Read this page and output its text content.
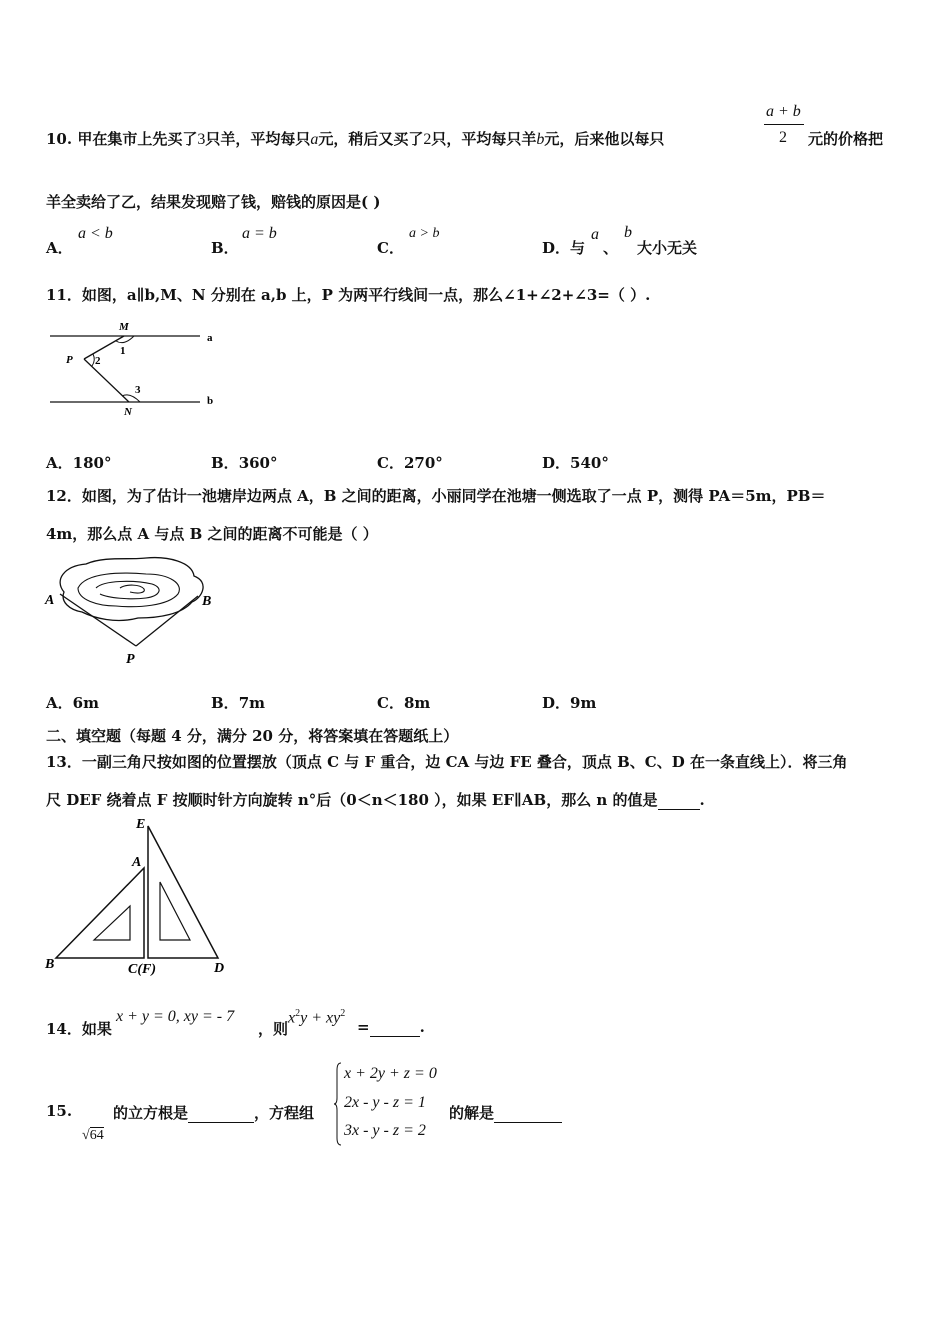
10. 甲在集市上先买了3只羊，平均每只a元，稍后又买了2只，平均每只羊b元，后来他以每只
a + b
2 元的价格把
羊全卖给了乙，结果发现赔了钱，赔钱的原因是( )
A．
a < b
B．
a = b
C．
a > b
D．与
a
、
b
大小无关
11．如图，a∥b,M、N 分别在 a,b 上，P 为两平行线间一点，那么∠1+∠2+∠3=（ ）.
M
1
a
P 2
3
N
b
A．180°	B．360°	C．270°	D．540°
12．如图，为了估计一池塘岸边两点 A，B 之间的距离，小丽同学在池塘一侧选取了一点 P，测得 PA＝5m，PB＝
4m，那么点 A 与点 B 之间的距离不可能是（ ）
A	B
P
A．6m	B．7m	C．8m	D．9m
二、填空题（每题 4 分，满分 20 分，将答案填在答题纸上）
13．一副三角尺按如图的位置摆放（顶点 C 与 F 重合，边 CA 与边 FE 叠合，顶点 B、C、D 在一条直线上）．将三角
尺 DEF 绕着点 F 按顺时针方向旋转 n°后（0＜n＜180 ），如果 EF∥AB，那么 n 的值是	.
E
A
B	C(F)	D
14．如果
x + y = 0, xy = - 7
，则
$x^2y + xy^2$
=	.
15.
√64
的立方根是	，方程组
x + 2y + z = 0
2x - y - z = 1
3x - y - z = 2
的解是
